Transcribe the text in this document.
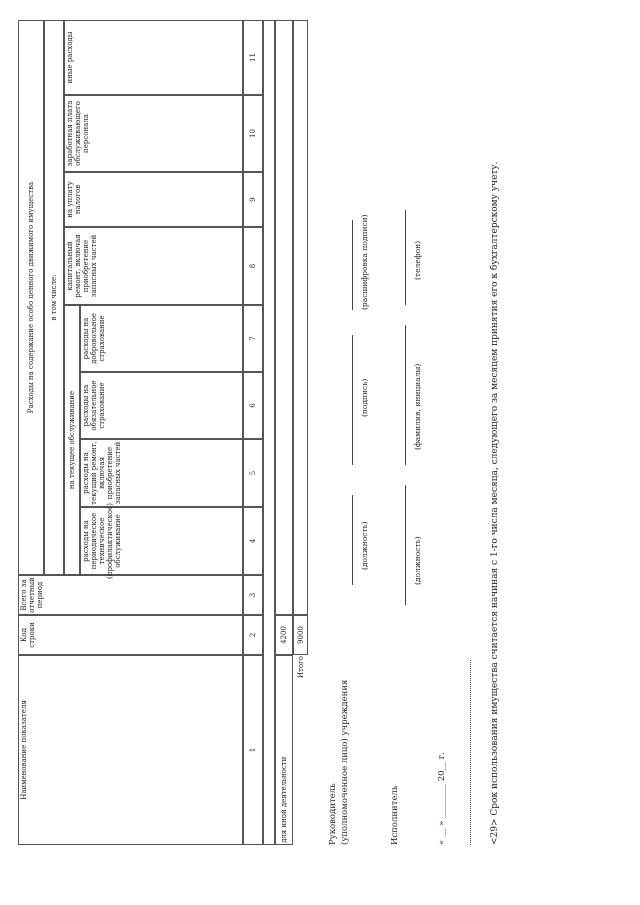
Наименование показателя
Код строки
Всего за отчетный период
Расходы на содержание особо ценного движимого имущества	в том числе:
на текущее обслуживание
расходы на периодическое техническое (профилактическое) обслуживание
расходы на текущий ремонт, включая приобретение запасных частей
расходы на обязательное страхование
расходы на добровольное страхование
капитальный ремонт, включая приобретение запасных частей
на уплату налогов
заработная плата обслуживающего персонала
иные расходы
1
2
3
4
5
6
7
8
9
10
11
для иной деятельности
4200
Итого
9000
Руководитель (уполномоченное лицо) учреждения
(должность)
(подпись)
(расшифровка подписи)
Исполнитель
(должность)
(фамилия, инициалы)
(телефон)
« __ » ________ 20__ г.	<29> Срок использования имущества считается начиная с 1-го числа месяца, следующего за месяцем принятия его к бухгалтерскому учету.
